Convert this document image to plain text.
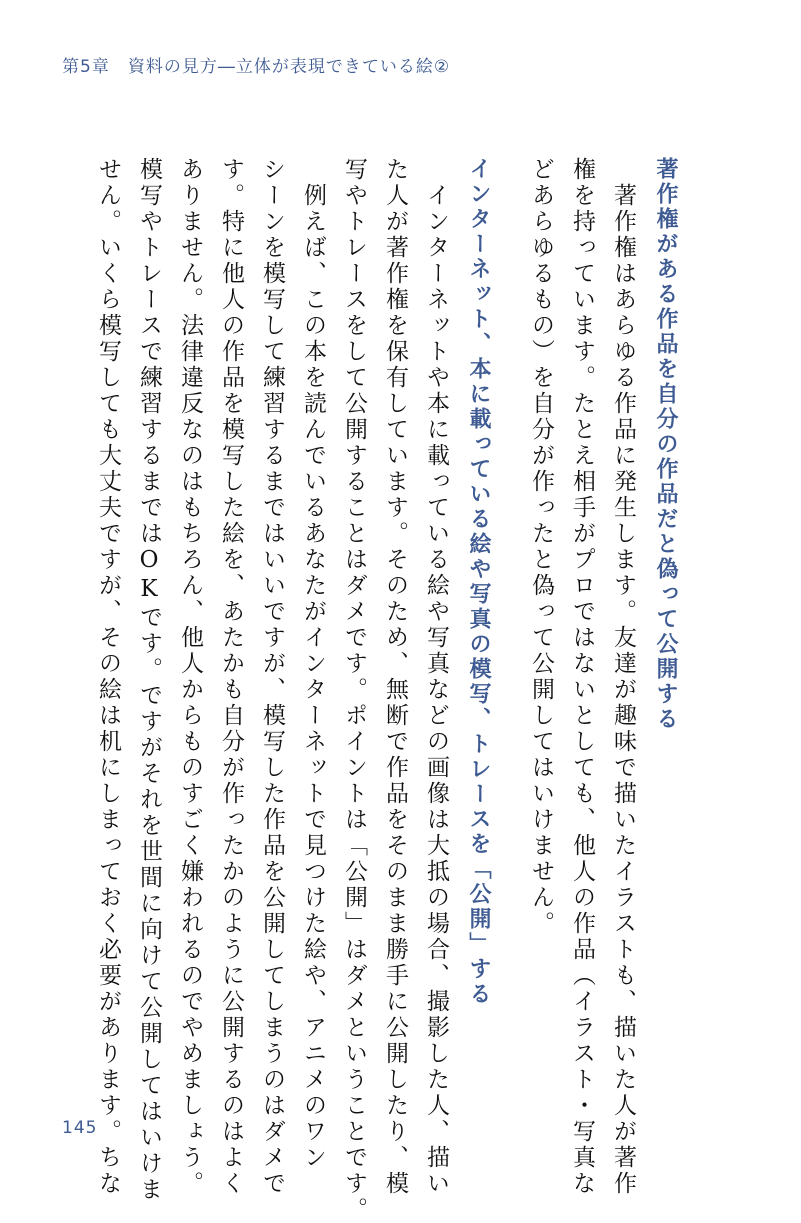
第5章　資料の見方―立体が表現できている絵②
著作権がある作品を自分の作品だと偽って公開する
　著作権はあらゆる作品に発生します。友達が趣味で描いたイラストも、描いた人が著作
権を持っています。たとえ相手がプロではないとしても、他人の作品（イラスト・写真な
どあらゆるもの）を自分が作ったと偽って公開してはいけません。
インターネット、本に載っている絵や写真の模写、トレースを「公開」する
　インターネットや本に載っている絵や写真などの画像は大抵の場合、撮影した人、描い
た人が著作権を保有しています。そのため、無断で作品をそのまま勝手に公開したり、模
写やトレースをして公開することはダメです。ポイントは「公開」はダメということです。
　例えば、この本を読んでいるあなたがインターネットで見つけた絵や、アニメのワン
シーンを模写して練習するまではいいですが、模写した作品を公開してしまうのはダメで
す。特に他人の作品を模写した絵を、あたかも自分が作ったかのように公開するのはよく
ありません。法律違反なのはもちろん、他人からものすごく嫌われるのでやめましょう。
模写やトレースで練習するまではOKです。ですがそれを世間に向けて公開してはいけま
せん。いくら模写しても大丈夫ですが、その絵は机にしまっておく必要があります。ちな
145
